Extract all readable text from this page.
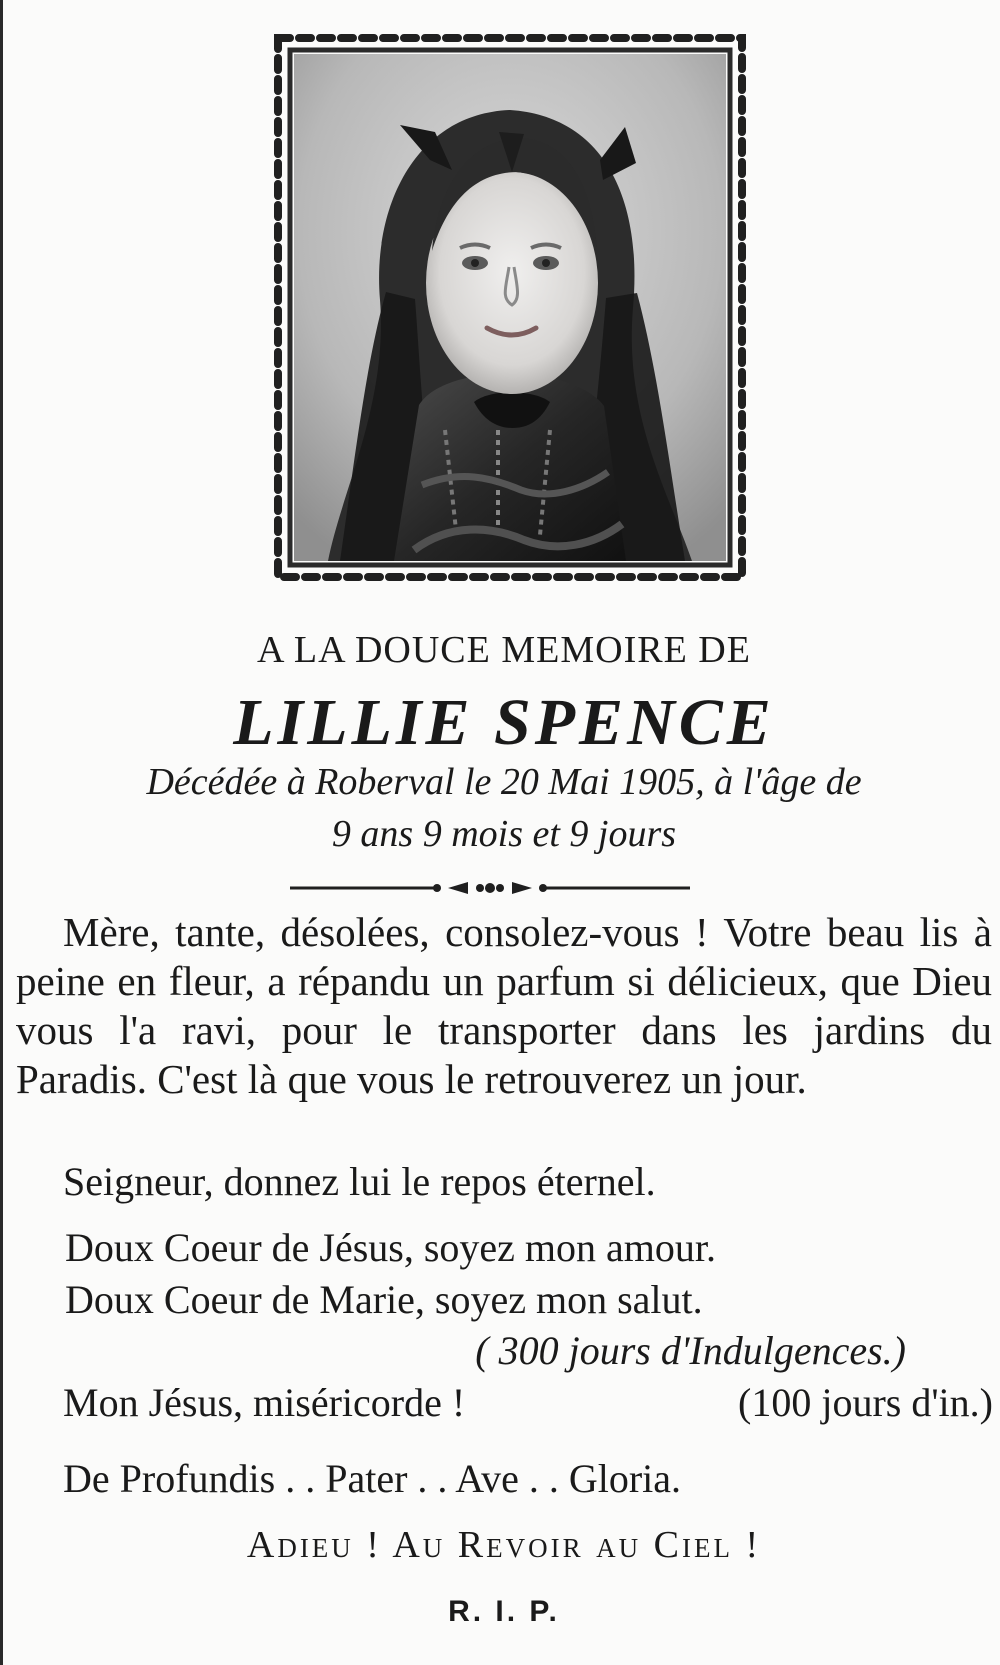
A LA DOUCE MEMOIRE DE
LILLIE SPENCE
Décédée à Roberval le 20 Mai 1905, à l'âge de
9 ans 9 mois et 9 jours
Mère, tante, désolées, consolez-vous ! Votre beau lis à peine en fleur, a répandu un parfum si délicieux, que Dieu vous l'a ravi, pour le transporter dans les jardins du Paradis. C'est là que vous le retrouverez un jour.
Seigneur, donnez lui le repos éternel.
Doux Coeur de Jésus, soyez mon amour.
Doux Coeur de Marie, soyez mon salut.
( 300 jours d'Indulgences.)
Mon Jésus, miséricorde !	(100 jours d'in.)
De Profundis . . Pater . . Ave . . Gloria.
Adieu ! Au Revoir au Ciel !
R. I. P.
